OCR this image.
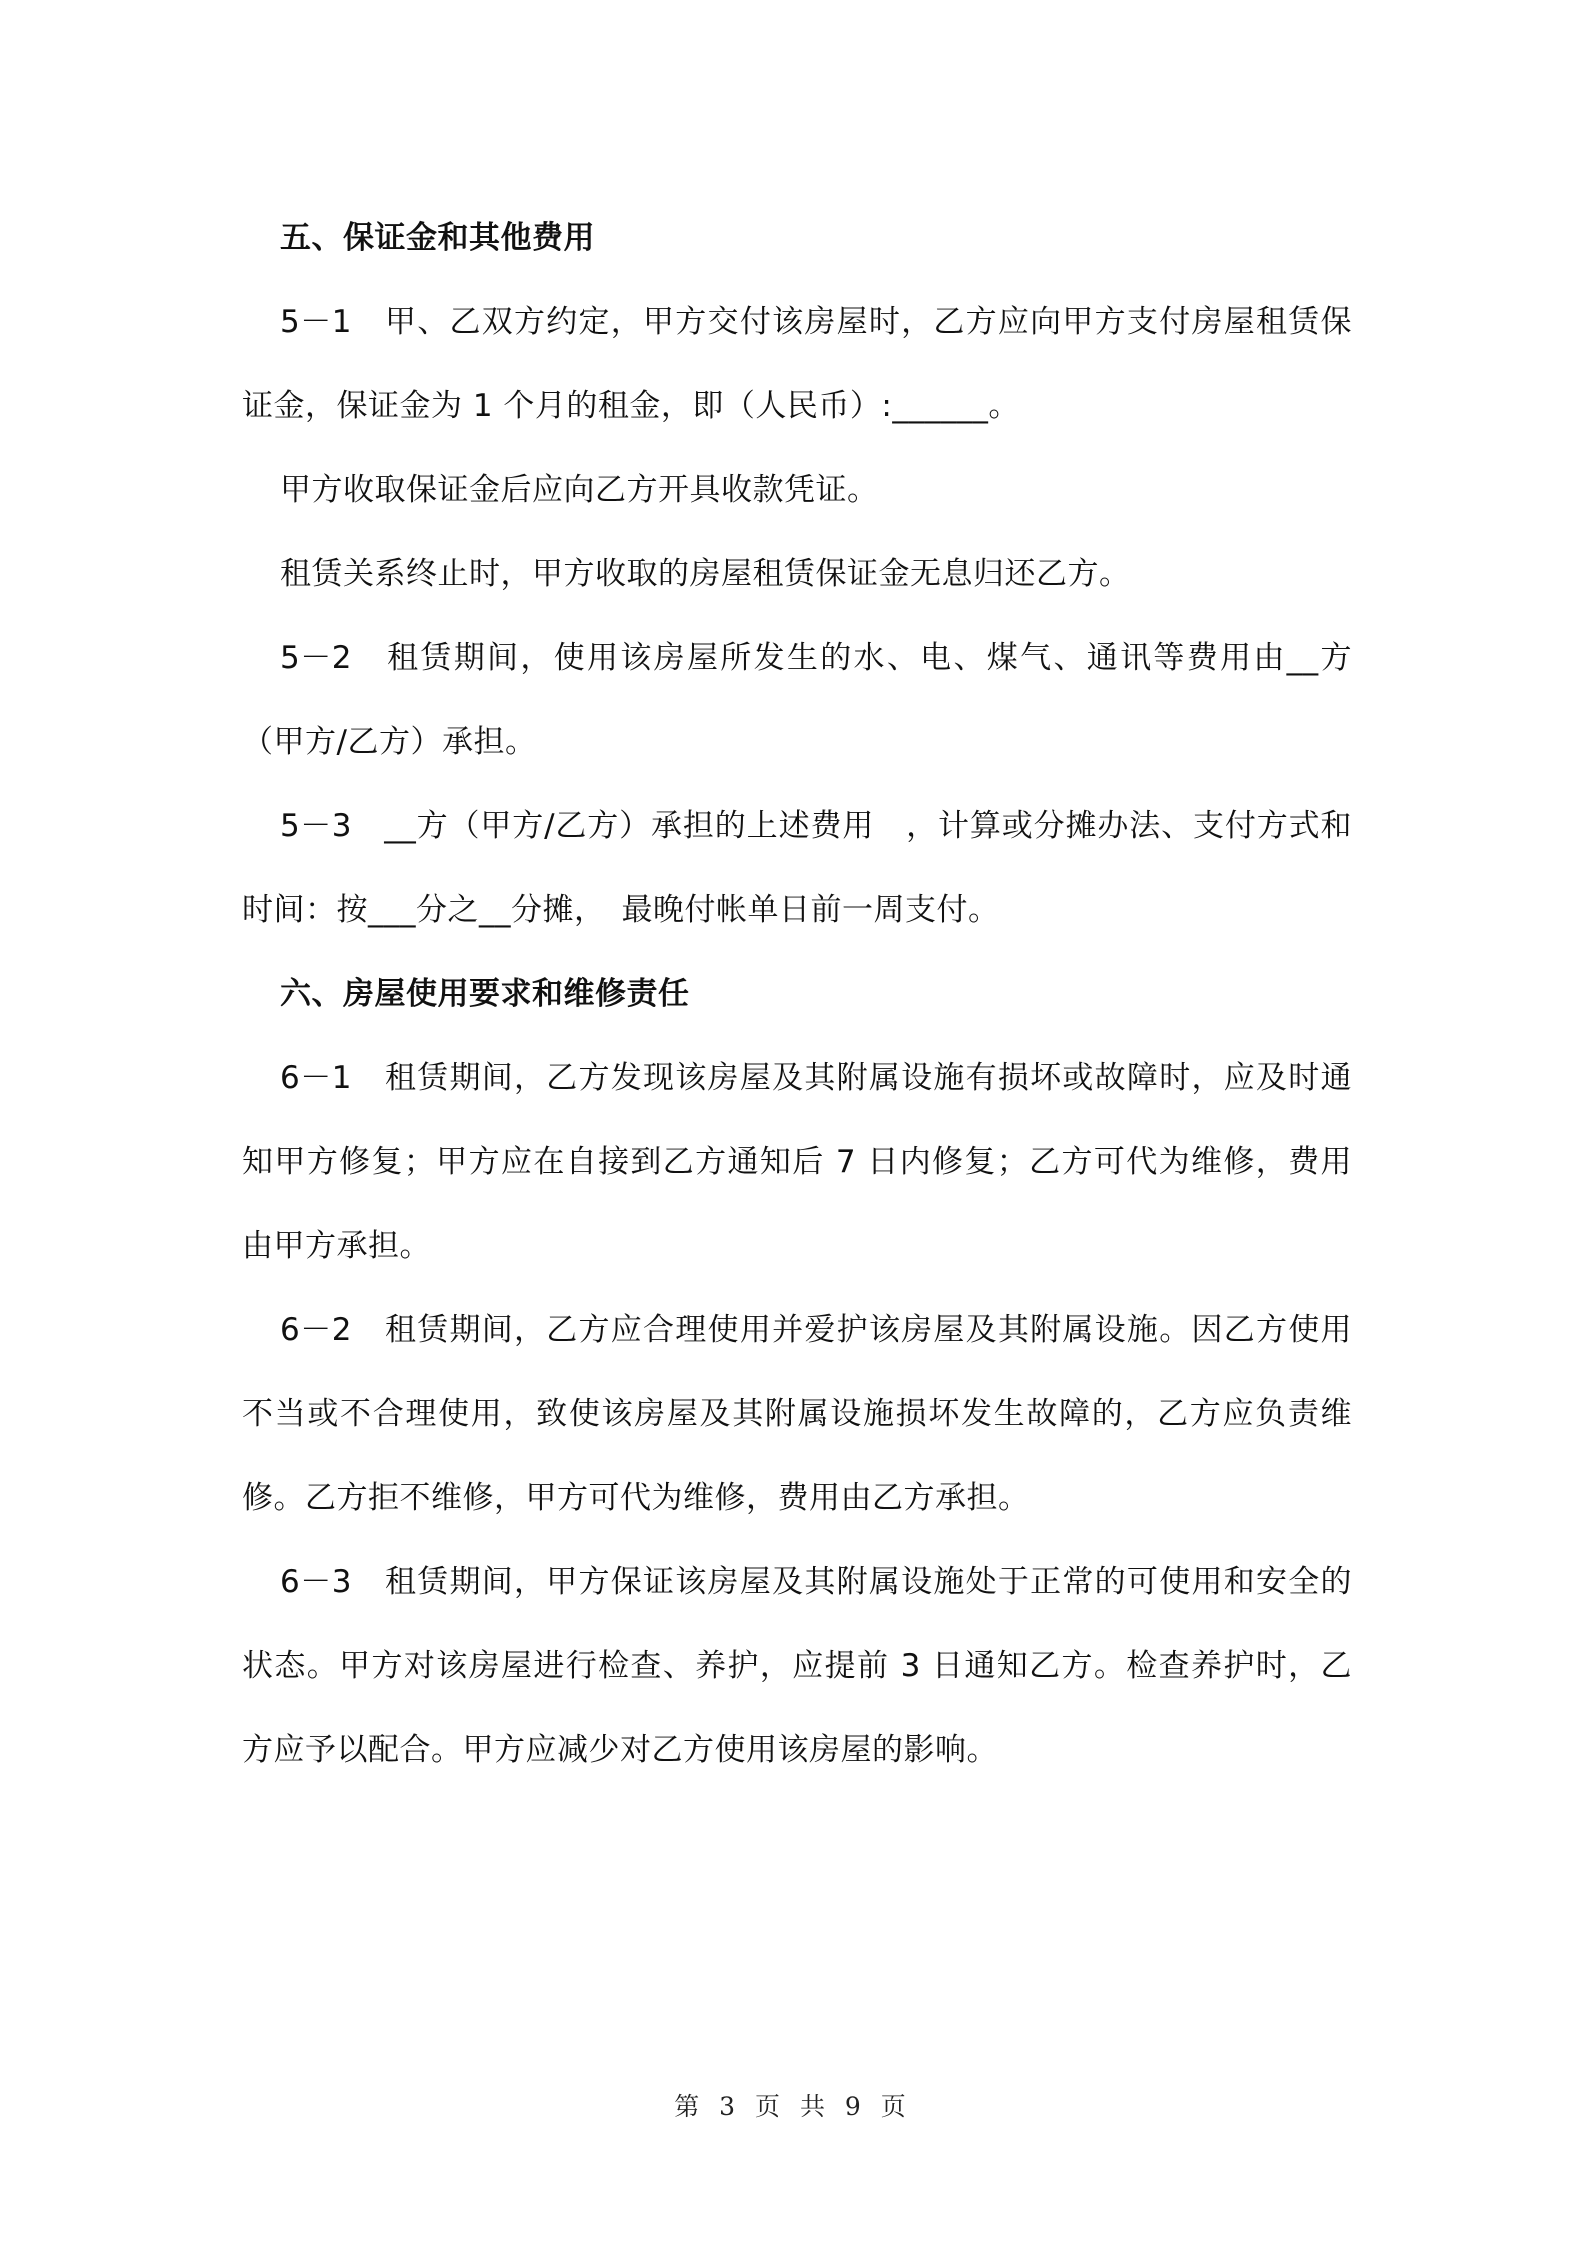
五、保证金和其他费用

5－1　甲、乙双方约定，甲方交付该房屋时，乙方应向甲方支付房屋租赁保证金，保证金为 1 个月的租金，即（人民币）:______。

甲方收取保证金后应向乙方开具收款凭证。

租赁关系终止时，甲方收取的房屋租赁保证金无息归还乙方。

5－2　租赁期间，使用该房屋所发生的水、电、煤气、通讯等费用由__方（甲方/乙方）承担。

5－3　__方（甲方/乙方）承担的上述费用　，计算或分摊办法、支付方式和时间：按___分之__分摊，　最晚付帐单日前一周支付。

六、房屋使用要求和维修责任

6－1　租赁期间，乙方发现该房屋及其附属设施有损坏或故障时，应及时通知甲方修复；甲方应在自接到乙方通知后 7 日内修复；乙方可代为维修，费用由甲方承担。

6－2　租赁期间，乙方应合理使用并爱护该房屋及其附属设施。因乙方使用不当或不合理使用，致使该房屋及其附属设施损坏发生故障的，乙方应负责维修。乙方拒不维修，甲方可代为维修，费用由乙方承担。

6－3　租赁期间，甲方保证该房屋及其附属设施处于正常的可使用和安全的状态。甲方对该房屋进行检查、养护，应提前 3 日通知乙方。检查养护时，乙方应予以配合。甲方应减少对乙方使用该房屋的影响。

第 3 页 共 9 页
